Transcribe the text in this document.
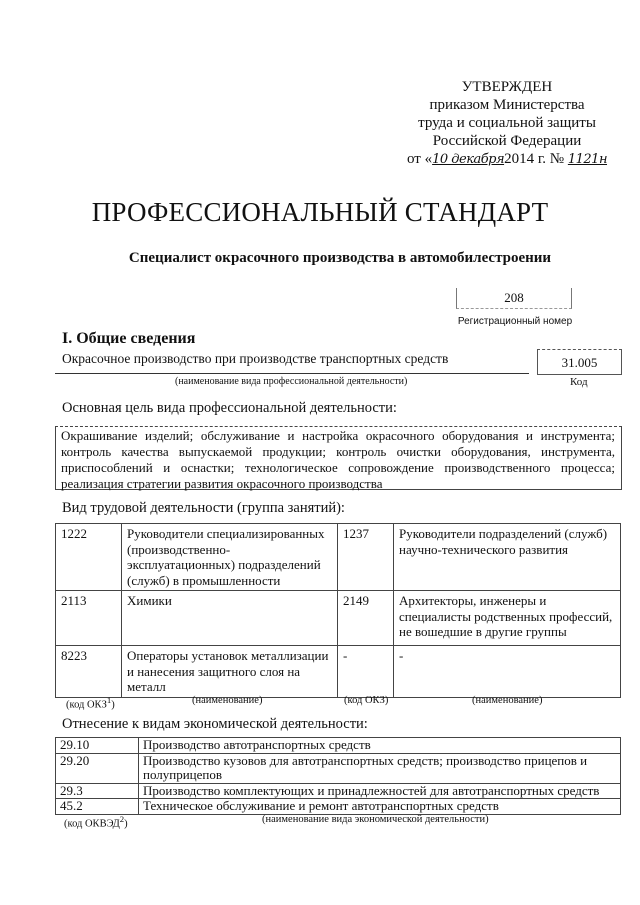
УТВЕРЖДЕН
приказом Министерства
труда и социальной защиты
Российской Федерации
от «10 декабря2014 г. № 1121н
ПРОФЕССИОНАЛЬНЫЙ СТАНДАРТ
Специалист окрасочного производства в автомобилестроении
208
Регистрационный номер
I. Общие сведения
Окрасочное производство при производстве транспортных средств
(наименование вида профессиональной деятельности)
31.005
Код
Основная цель вида профессиональной деятельности:
Окрашивание изделий; обслуживание и настройка окрасочного оборудования и инструмента; контроль качества выпускаемой продукции; контроль очистки оборудования, инструмента, приспособлений и оснастки; технологическое сопровождение производственного процесса; реализация стратегии развития окрасочного производства
Вид трудовой деятельности (группа занятий):
1222	Руководители специализированных (производственно-эксплуатационных) подразделений (служб) в промышленности	1237	Руководители подразделений (служб) научно-технического развития
2113	Химики	2149	Архитекторы, инженеры и специалисты родственных профессий, не вошедшие в другие группы
8223	Операторы установок металлизации и нанесения защитного слоя на металл	-	-
(код ОКЗ$^1$)	(наименование)	(код ОКЗ)	(наименование)
Отнесение к видам экономической деятельности:
29.10	Производство автотранспортных средств
29.20	Производство кузовов для автотранспортных средств; производство прицепов и полуприцепов
29.3	Производство комплектующих и принадлежностей для автотранспортных средств
45.2	Техническое обслуживание и ремонт автотранспортных средств
(код ОКВЭД$^2$)	(наименование вида экономической деятельности)
